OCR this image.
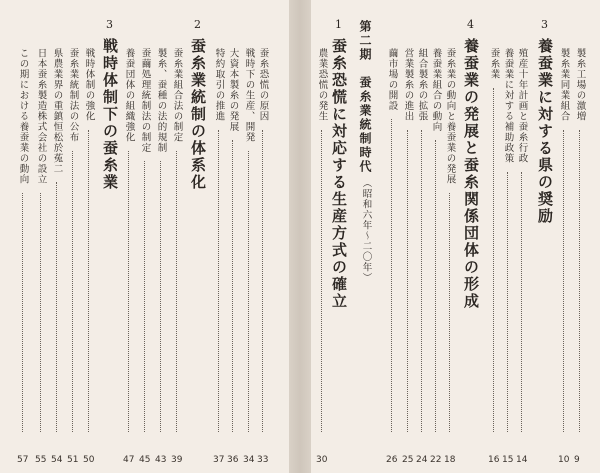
蚕糸恐慌の原因
33
戦時下の生産、開発
34
大資本製糸の発展
36
特約取引の推進
37
2
蚕糸業統制の体系化
蚕糸業組合法の制定
39
製糸、蚕種の法的規制
43
蚕繭処理統制法の制定
45
養蚕団体の組織強化
47
3
戦時体制下の蚕糸業
戦時体制の強化
50
蚕糸業統制法の公布
51
県農業界の重鎮恒松於菟二
54
日本蚕糸製造株式会社の設立
55
この期における養蚕業の動向
57
製糸工場の激増
9
製糸業同業組合
10
3
養蚕業に対する県の奨励
殖産十年計画と蚕糸行政
14
養蚕業に対する補助政策
15
蚕糸業
16
4
養蚕業の発展と蚕糸関係団体の形成
蚕糸業の動向と養蚕業の発展
18
養蚕業組合の動向
22
組合製糸の拡張
24
営業製糸の進出
25
繭市場の開設
26
第二期　蚕糸業統制時代
（昭和六年〜二〇年）
1
蚕糸恐慌に対応する生産方式の確立
農業恐慌の発生
30
